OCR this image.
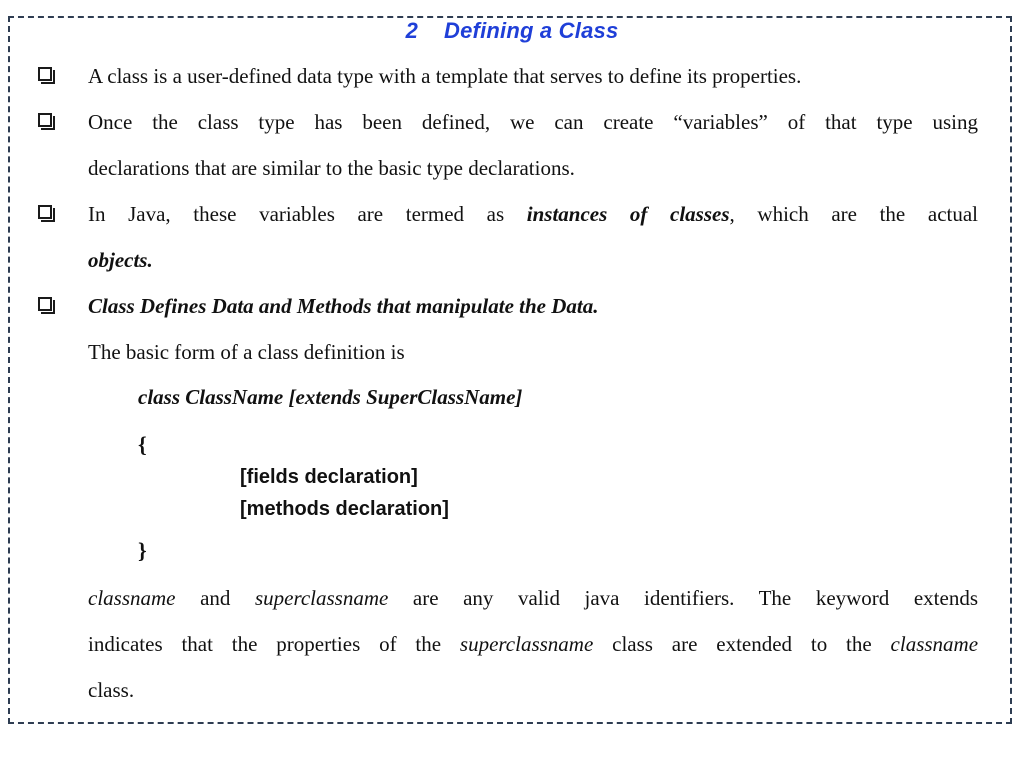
2 Defining a Class
A class is a user-defined data type with a template that serves to define its properties.
Once the class type has been defined, we can create “variables” of that type using
declarations that are similar to the basic type declarations.
In Java, these variables are termed as instances of classes, which are the actual
objects.
Class Defines Data and Methods that manipulate the Data.
The basic form of a class definition is
class ClassName [extends SuperClassName]
{
[fields declaration]
[methods declaration]
}
classname and superclassname are any valid java identifiers. The keyword extends
indicates that the properties of the superclassname class are extended to the classname
class.
